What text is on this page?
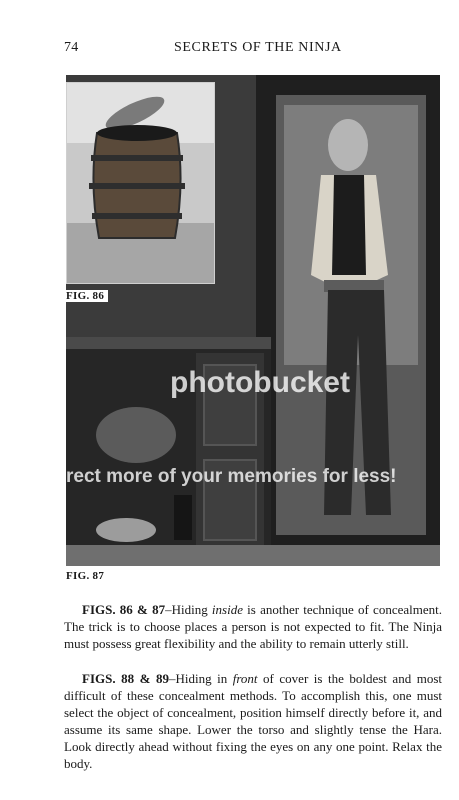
74	SECRETS OF THE NINJA
FIG. 86
FIG. 87
photobucket
rect more of your memories for less!

FIGS. 86 & 87–Hiding inside is another technique of concealment. The trick is to choose places a person is not expected to fit. The Ninja must possess great flexibility and the ability to remain utterly still.

FIGS. 88 & 89–Hiding in front of cover is the boldest and most difficult of these concealment methods. To accomplish this, one must select the object of concealment, position himself directly before it, and assume its same shape. Lower the torso and slightly tense the Hara. Look directly ahead without fixing the eyes on any one point. Relax the body.
